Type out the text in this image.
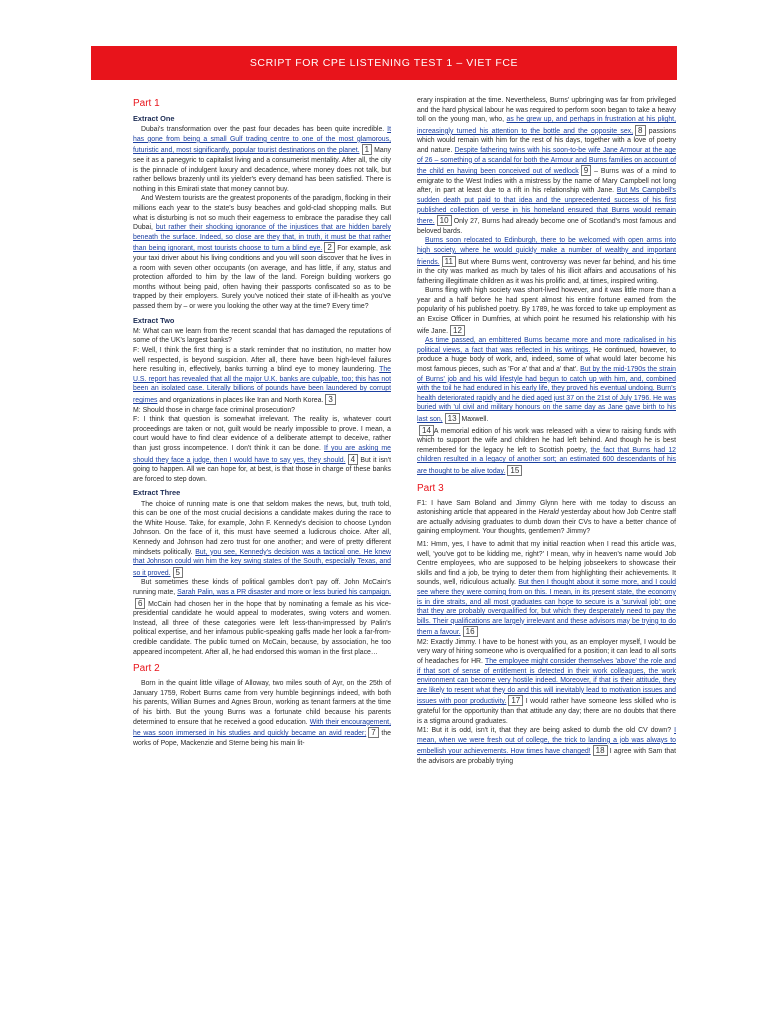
SCRIPT FOR CPE LISTENING TEST 1 – VIET FCE
Part 1
Extract One

Dubai's transformation over the past four decades has been quite incredible. It has gone from being a small Gulf trading centre to one of the most glamorous, futuristic and, most significantly, popular tourist destinations on the planet. 1 Many see it as a panegyric to capitalist living and a consumerist mentality. After all, the city is the pinnacle of indulgent luxury and decadence, where money does not talk, but rather bellows brazenly until its yielder's every demand has been satisfied. There is nothing in this Emirati state that money cannot buy.

And Western tourists are the greatest proponents of the paradigm, flocking in their millions each year to the state's busy beaches and gold-clad shopping malls. But what is disturbing is not so much their eagerness to embrace the paradise they call Dubai, but rather their shocking ignorance of the injustices that are hidden barely beneath the surface. Indeed, so close are they that, in truth, it must be that rather than being ignorant, most tourists choose to turn a blind eye. 2 For example, ask your taxi driver about his living conditions and you will soon discover that he lives in a room with seven other occupants (on average, and has little, if any, status and protection afforded to him by the law of the land. Foreign building workers go months without being paid, often having their passports confiscated so as to be trapped by their employers. Surely you've noticed their state of ill-health as you've passed them by – or were you looking the other way at the time? Every time?

Extract Two

M: What can we learn from the recent scandal that has damaged the reputations of some of the UK's largest banks?

F: Well, I think the first thing is a stark reminder that no institution, no matter how well respected, is beyond suspicion. After all, there have been high-level failures here resulting in, effectively, banks turning a blind eye to money laundering. The U.S. report has revealed that all the major U.K. banks are culpable, too; this has not been an isolated case. Literally billions of pounds have been laundered by corrupt regimes and organizations in places like Iran and North Korea. 3

M: Should those in charge face criminal prosecution?

F: I think that question is somewhat irrelevant. The reality is, whatever court proceedings are taken or not, guilt would be nearly impossible to prove. I mean, a court would have to find clear evidence of a deliberate attempt to deceive, rather than just gross incompetence. I don't think it can be done. If you are asking me should they face a judge, then I would have to say yes, they should. 4 But it isn't going to happen. All we can hope for, at best, is that those in charge of these banks are forced to step down.

Extract Three

The choice of running mate is one that seldom makes the news, but, truth told, this can be one of the most crucial decisions a candidate makes during the race to the White House. Take, for example, John F. Kennedy's decision to choose Lyndon Johnson. On the face of it, this must have seemed a ludicrous choice. After all, Kennedy and Johnson had zero trust for one another; and were of pretty different mindsets politically. But, you see, Kennedy's decision was a tactical one. He knew that Johnson could win him the key swing states of the South, especially Texas, and so it proved. 5

But sometimes these kinds of political gambles don't pay off. John McCain's running mate, Sarah Palin, was a PR disaster and more or less buried his campaign.6 McCain had chosen her in the hope that by nominating a female as his vice-presidential candidate he would appeal to moderates, swing voters and women. Instead, all three of these categories were left less-than-impressed by Palin's political expertise, and her infamous public-speaking gaffs made her look a far-from-credible candidate. The public turned on McCain, because, by association, he too appeared incompetent. After all, he had endorsed this woman in the first place…

Part 2

Born in the quaint little village of Alloway, two miles south of Ayr, on the 25th of January 1759, Robert Burns came from very humble beginnings indeed, with both his parents, Willian Burnes and Agnes Broun, working as tenant farmers at the time of his birth. But the young Burns was a fortunate child because his parents determined to ensure that he received a good education. With their encouragement, he was soon immersed in his studies and quickly became an avid reader; 7 the works of Pope, Mackenzie and Sterne being his main lit-

erary inspiration at the time. Nevertheless, Burns' upbringing was far from privileged and the hard physical labour he was required to perform soon began to take a heavy toll on the young man, who, as he grew up, and perhaps in frustration at his plight, increasingly turned his attention to the bottle and the opposite sex, 8 passions which would remain with him for the rest of his days, together with a love of poetry and nature. Despite fathering twins with his soon-to-be wife Jane Armour at the age of 26 – something of a scandal for both the Armour and Burns families on account of the child en having been conceived out of wedlock 9 – Burns was of a mind to emigrate to the West Indies with a mistress by the name of Mary Campbell not long after, in part at least due to a rift in his relationship with Jane. But Ms Campbell's sudden death put paid to that idea and the unprecedented success of his first published collection of verse in his homeland ensured that Burns would remain there. 10 Only 27, Burns had already become one of Scotland's most famous and beloved bards.

Burns soon relocated to Edinburgh, there to be welcomed with open arms into high society, where he would quickly make a number of wealthy and important friends. 11 But where Burns went, controversy was never far behind, and his time in the city was marked as much by tales of his illicit affairs and accusations of his fathering illegitimate children as it was his prolific and, at times, inspired writing.

Burns fling with high society was short-lived however, and it was little more than a year and a half before he had spent almost his entire fortune earned from the popularity of his published poetry. By 1789, he was forced to take up employment as an Excise Officer in Dumfries, at which point he resumed his relationship with his wife Jane. 12

As time passed, an embittered Burns became more and more radicalised in his political views, a fact that was reflected in his writings. He continued, however, to produce a huge body of work, and, indeed, some of what would later become his most famous pieces, such as 'For a' that and a' that'. But by the mid-1790s the strain of Burns' job and his wild lifestyle had begun to catch up with him, and, combined with the toil he had endured in his early life, they proved his eventual undoing. Burn's health deteriorated rapidly and he died aged just 37 on the 21st of July 1796. He was buried with 'ul civil and military honours on the same day as Jane gave birth to his last son, 13 Maxwell.

14 A memorial edition of his work was released with a view to raising funds with which to support the wife and children he had left behind. And though he is best remembered for the legacy he left to Scottish poetry, the fact that Burns had 12 children resulted in a legacy of another sort; an estimated 600 descendants of his are thought to be alive today. 15

Part 3

F1: I have Sam Boland and Jimmy Glynn here with me today to discuss an astonishing article that appeared in the Herald yesterday about how Job Centre staff are actually advising graduates to dumb down their CVs to have a better chance of gaining employment. Your thoughts, gentlemen? Jimmy?

M1: Hmm, yes, I have to admit that my initial reaction when I read this article was, well, 'you've got to be kidding me, right?' I mean, why in heaven's name would Job Centre employees, who are supposed to be helping jobseekers to showcase their skills and find a job, be trying to deter them from highlighting their achievements. It sounds, well, ridiculous actually. But then I thought about it some more, and I could see where they were coming from on this. I mean, in its present state, the economy is in dire straits, and all most graduates can hope to secure is a 'survival job'; one that they are probably overqualified for, but which they desperately need to pay the bills. Their qualifications are largely irrelevant and these advisors may be trying to do them a favour. 16

M2: Exactly Jimmy. I have to be honest with you, as an employer myself, I would be very wary of hiring someone who is overqualified for a position; it can lead to all sorts of headaches for HR. The employee might consider themselves 'above' the role and if that sort of sense of entitlement is detected in their work colleagues, the work environment can become very hostile indeed. Moreover, if that is their attitude, they are likely to resent what they do and this will inevitably lead to motivation issues and issues with poor productivity. 17 I would rather have someone less skilled who is grateful for the opportunity than that attitude any day; there are no doubts that there is a stigma around graduates.

M1: But it is odd, isn't it, that they are being asked to dumb the old CV down? I mean, when we were fresh out of college, the trick to landing a job was always to embellish your achievements. How times have changed! 18 I agree with Sam that the advisors are probably trying
